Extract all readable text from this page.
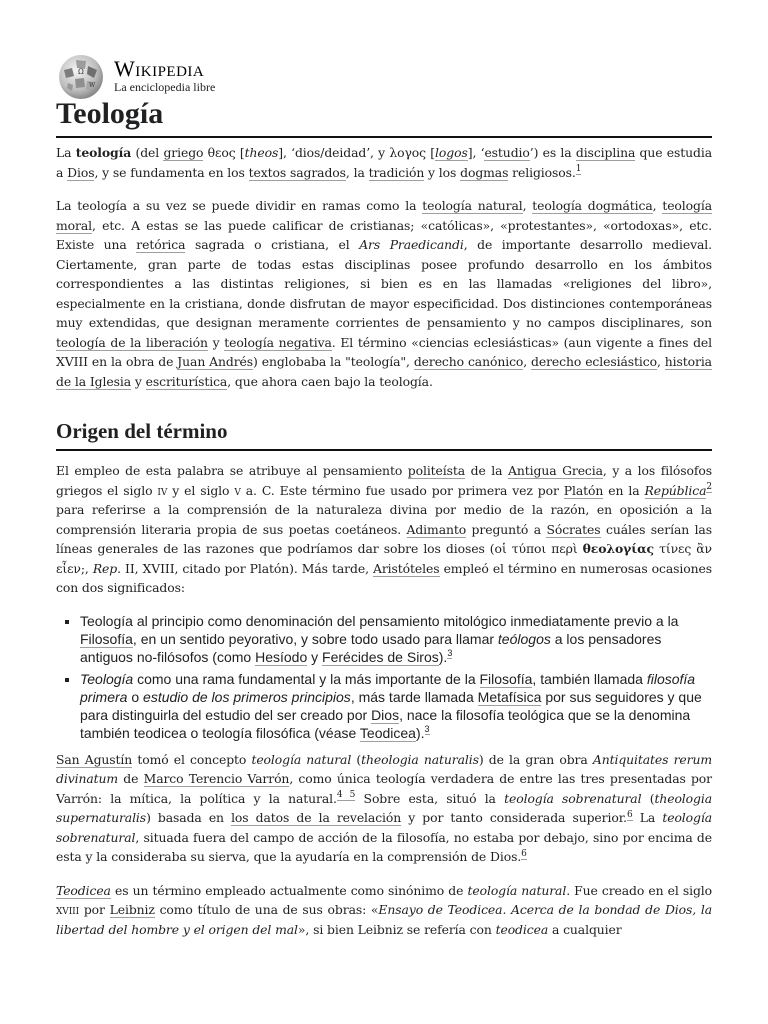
Ω
W
Wikipedia
La enciclopedia libre
Teología

La teología (del griego θεος [theos], ‘dios/deidad’, y λογος [logos], ‘estudio’) es la disciplina que estudia a Dios, y se fundamenta en los textos sagrados, la tradición y los dogmas religiosos.$^1$

La teología a su vez se puede dividir en ramas como la teología natural, teología dogmática, teología moral, etc. A estas se las puede calificar de cristianas; «católicas», «protestantes», «ortodoxas», etc. Existe una retórica sagrada o cristiana, el Ars Praedicandi, de importante desarrollo medieval. Ciertamente, gran parte de todas estas disciplinas posee profundo desarrollo en los ámbitos correspondientes a las distintas religiones, si bien es en las llamadas «religiones del libro», especialmente en la cristiana, donde disfrutan de mayor especificidad. Dos distinciones contemporáneas muy extendidas, que designan meramente corrientes de pensamiento y no campos disciplinares, son teología de la liberación y teología negativa. El término «ciencias eclesiásticas» (aun vigente a fines del XVIII en la obra de Juan Andrés) englobaba la "teología", derecho canónico, derecho eclesiástico, historia de la Iglesia y escriturística, que ahora caen bajo la teología.

Origen del término

El empleo de esta palabra se atribuye al pensamiento politeísta de la Antigua Grecia, y a los filósofos griegos el siglo iv y el siglo v a. C. Este término fue usado por primera vez por Platón en la República$^2$ para referirse a la comprensión de la naturaleza divina por medio de la razón, en oposición a la comprensión literaria propia de sus poetas coetáneos. Adimanto preguntó a Sócrates cuáles serían las líneas generales de las razones que podríamos dar sobre los dioses (οἱ τύποι περὶ θεολογίας τίνες ἂν εἶεν;, Rep. II, XVIII, citado por Platón). Más tarde, Aristóteles empleó el término en numerosas ocasiones con dos significados:

▪ Teología al principio como denominación del pensamiento mitológico inmediatamente previo a la Filosofía, en un sentido peyorativo, y sobre todo usado para llamar teólogos a los pensadores antiguos no-filósofos (como Hesíodo y Ferécides de Siros).$^3$
▪ Teología como una rama fundamental y la más importante de la Filosofía, también llamada filosofía primera o estudio de los primeros principios, más tarde llamada Metafísica por sus seguidores y que para distinguirla del estudio del ser creado por Dios, nace la filosofía teológica que se la denomina también teodicea o teología filosófica (véase Teodicea).$^3$

San Agustín tomó el concepto teología natural (theologia naturalis) de la gran obra Antiquitates rerum divinatum de Marco Terencio Varrón, como única teología verdadera de entre las tres presentadas por Varrón: la mítica, la política y la natural.$^{4 5}$ Sobre esta, situó la teología sobrenatural (theologia supernaturalis) basada en los datos de la revelación y por tanto considerada superior.$^6$ La teología sobrenatural, situada fuera del campo de acción de la filosofía, no estaba por debajo, sino por encima de esta y la consideraba su sierva, que la ayudaría en la comprensión de Dios.$^6$

Teodicea es un término empleado actualmente como sinónimo de teología natural. Fue creado en el siglo xviii por Leibniz como título de una de sus obras: «Ensayo de Teodicea. Acerca de la bondad de Dios, la libertad del hombre y el origen del mal», si bien Leibniz se refería con teodicea a cualquier
